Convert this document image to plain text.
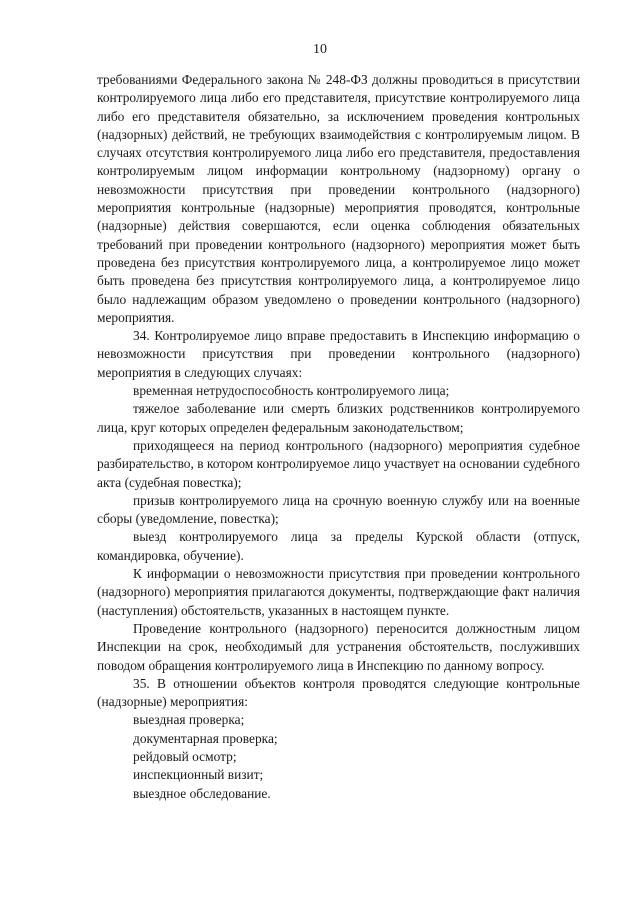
10

требованиями Федерального закона № 248-ФЗ должны проводиться в присутствии контролируемого лица либо его представителя, присутствие контролируемого лица либо его представителя обязательно, за исключением проведения контрольных (надзорных) действий, не требующих взаимодействия с контролируемым лицом. В случаях отсутствия контролируемого лица либо его представителя, предоставления контролируемым лицом информации контрольному (надзорному) органу о невозможности присутствия при проведении контрольного (надзорного) мероприятия контрольные (надзорные) мероприятия проводятся, контрольные (надзорные) действия совершаются, если оценка соблюдения обязательных требований при проведении контрольного (надзорного) мероприятия может быть проведена без присутствия контролируемого лица, а контролируемое лицо может быть проведена без присутствия контролируемого лица, а контролируемое лицо было надлежащим образом уведомлено о проведении контрольного (надзорного) мероприятия.

34. Контролируемое лицо вправе предоставить в Инспекцию информацию о невозможности присутствия при проведении контрольного (надзорного) мероприятия в следующих случаях:

временная нетрудоспособность контролируемого лица;

тяжелое заболевание или смерть близких родственников контролируемого лица, круг которых определен федеральным законодательством;

приходящееся на период контрольного (надзорного) мероприятия судебное разбирательство, в котором контролируемое лицо участвует на основании судебного акта (судебная повестка);

призыв контролируемого лица на срочную военную службу или на военные сборы (уведомление, повестка);

выезд контролируемого лица за пределы Курской области (отпуск, командировка, обучение).

К информации о невозможности присутствия при проведении контрольного (надзорного) мероприятия прилагаются документы, подтверждающие факт наличия (наступления) обстоятельств, указанных в настоящем пункте.

Проведение контрольного (надзорного) переносится должностным лицом Инспекции на срок, необходимый для устранения обстоятельств, послуживших поводом обращения контролируемого лица в Инспекцию по данному вопросу.

35. В отношении объектов контроля проводятся следующие контрольные (надзорные) мероприятия:

выездная проверка;

документарная проверка;

рейдовый осмотр;

инспекционный визит;

выездное обследование.
